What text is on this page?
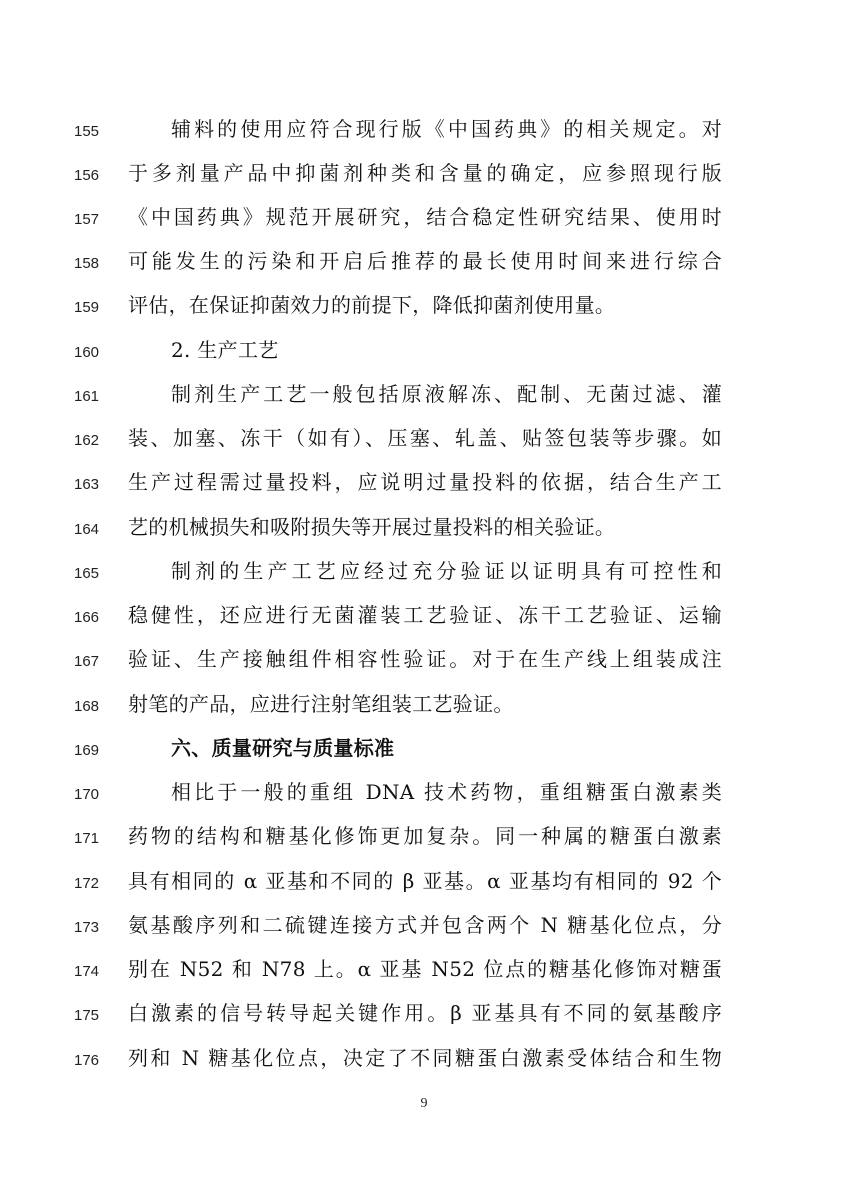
155	辅料的使用应符合现行版《中国药典》的相关规定。对
156	于多剂量产品中抑菌剂种类和含量的确定，应参照现行版
157	《中国药典》规范开展研究，结合稳定性研究结果、使用时
158	可能发生的污染和开启后推荐的最长使用时间来进行综合
159	评估，在保证抑菌效力的前提下，降低抑菌剂使用量。
160	2. 生产工艺
161	制剂生产工艺一般包括原液解冻、配制、无菌过滤、灌
162	装、加塞、冻干（如有）、压塞、轧盖、贴签包装等步骤。如
163	生产过程需过量投料，应说明过量投料的依据，结合生产工
164	艺的机械损失和吸附损失等开展过量投料的相关验证。
165	制剂的生产工艺应经过充分验证以证明具有可控性和
166	稳健性，还应进行无菌灌装工艺验证、冻干工艺验证、运输
167	验证、生产接触组件相容性验证。对于在生产线上组装成注
168	射笔的产品，应进行注射笔组装工艺验证。
169	六、质量研究与质量标准
170	相比于一般的重组 DNA 技术药物，重组糖蛋白激素类
171	药物的结构和糖基化修饰更加复杂。同一种属的糖蛋白激素
172	具有相同的 α 亚基和不同的 β 亚基。α 亚基均有相同的 92 个
173	氨基酸序列和二硫键连接方式并包含两个 N 糖基化位点，分
174	别在 N52 和 N78 上。α 亚基 N52 位点的糖基化修饰对糖蛋
175	白激素的信号转导起关键作用。β 亚基具有不同的氨基酸序
176	列和 N 糖基化位点，决定了不同糖蛋白激素受体结合和生物
9
